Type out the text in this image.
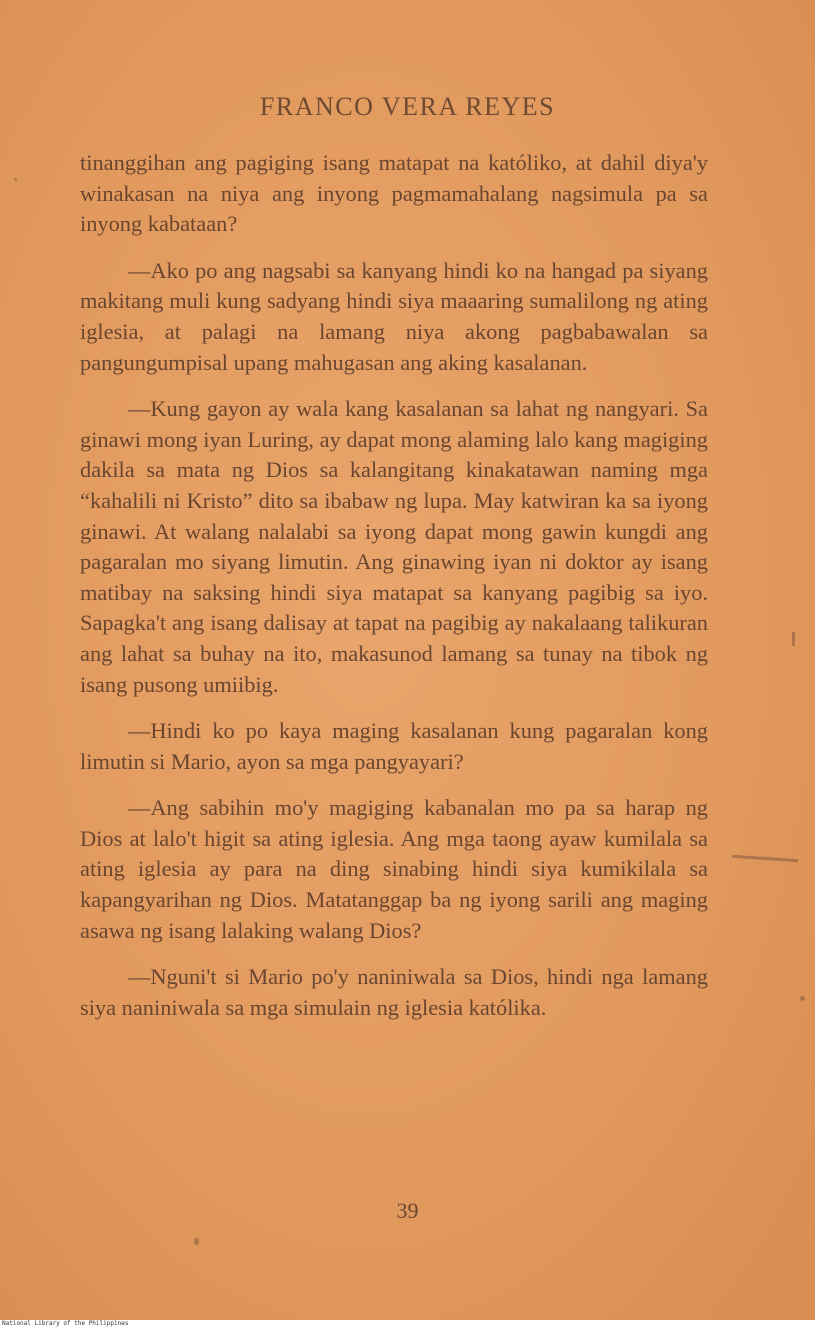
FRANCO VERA REYES

tinanggihan ang pagiging isang matapat na katóliko, at dahil diya'y winakasan na niya ang inyong pagmamahalang nagsimula pa sa inyong kabataan?

—Ako po ang nagsabi sa kanyang hindi ko na hangad pa siyang makitang muli kung sadyang hindi siya maaaring sumalilong ng ating iglesia, at palagi na lamang niya akong pagbabawalan sa pangungumpisal upang mahugasan ang aking kasalanan.

—Kung gayon ay wala kang kasalanan sa lahat ng nangyari. Sa ginawi mong iyan Luring, ay dapat mong alaming lalo kang magiging dakila sa mata ng Dios sa kalangitang kinakatawan naming mga “kahalili ni Kristo” dito sa ibabaw ng lupa. May katwiran ka sa iyong ginawi. At walang nalalabi sa iyong dapat mong gawin kungdi ang pagaralan mo siyang limutin. Ang ginawing iyan ni doktor ay isang matibay na saksing hindi siya matapat sa kanyang pagibig sa iyo. Sapagka't ang isang dalisay at tapat na pagibig ay nakalaang talikuran ang lahat sa buhay na ito, makasunod lamang sa tunay na tibok ng isang pusong umiibig.

—Hindi ko po kaya maging kasalanan kung pagaralan kong limutin si Mario, ayon sa mga pangyayari?

—Ang sabihin mo'y magiging kabanalan mo pa sa harap ng Dios at lalo't higit sa ating iglesia. Ang mga taong ayaw kumilala sa ating iglesia ay para na ding sinabing hindi siya kumikilala sa kapangyarihan ng Dios. Matatanggap ba ng iyong sarili ang maging asawa ng isang lalaking walang Dios?

—Nguni't si Mario po'y naniniwala sa Dios, hindi nga lamang siya naniniwala sa mga simulain ng iglesia katólika.

39
National Library of the Philippines
